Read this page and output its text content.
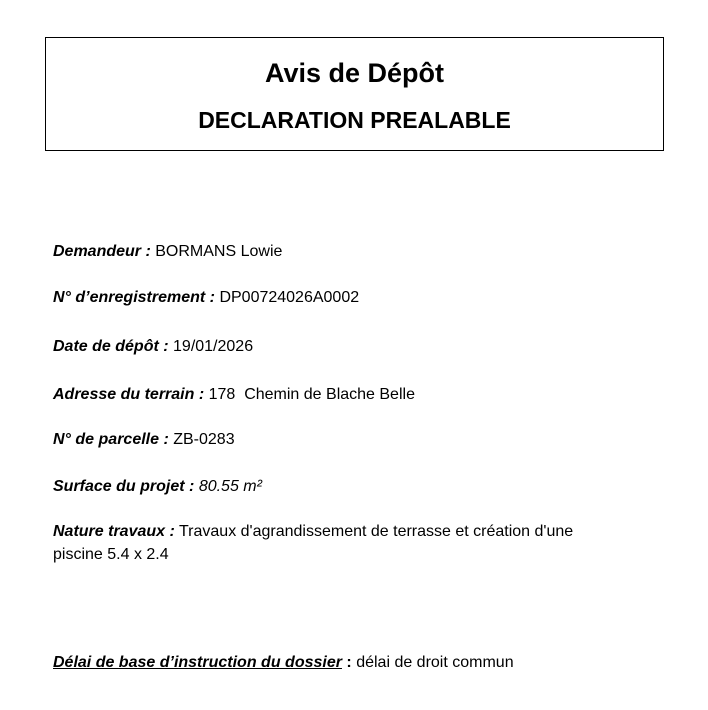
Avis de Dépôt
DECLARATION PREALABLE
Demandeur : BORMANS Lowie
N° d’enregistrement : DP00724026A0002
Date de dépôt : 19/01/2026
Adresse du terrain : 178  Chemin de Blache Belle
N° de parcelle : ZB-0283
Surface du projet : 80.55 m²
Nature travaux : Travaux d'agrandissement de terrasse et création d'une piscine 5.4 x 2.4
Délai de base d’instruction du dossier : délai de droit commun
